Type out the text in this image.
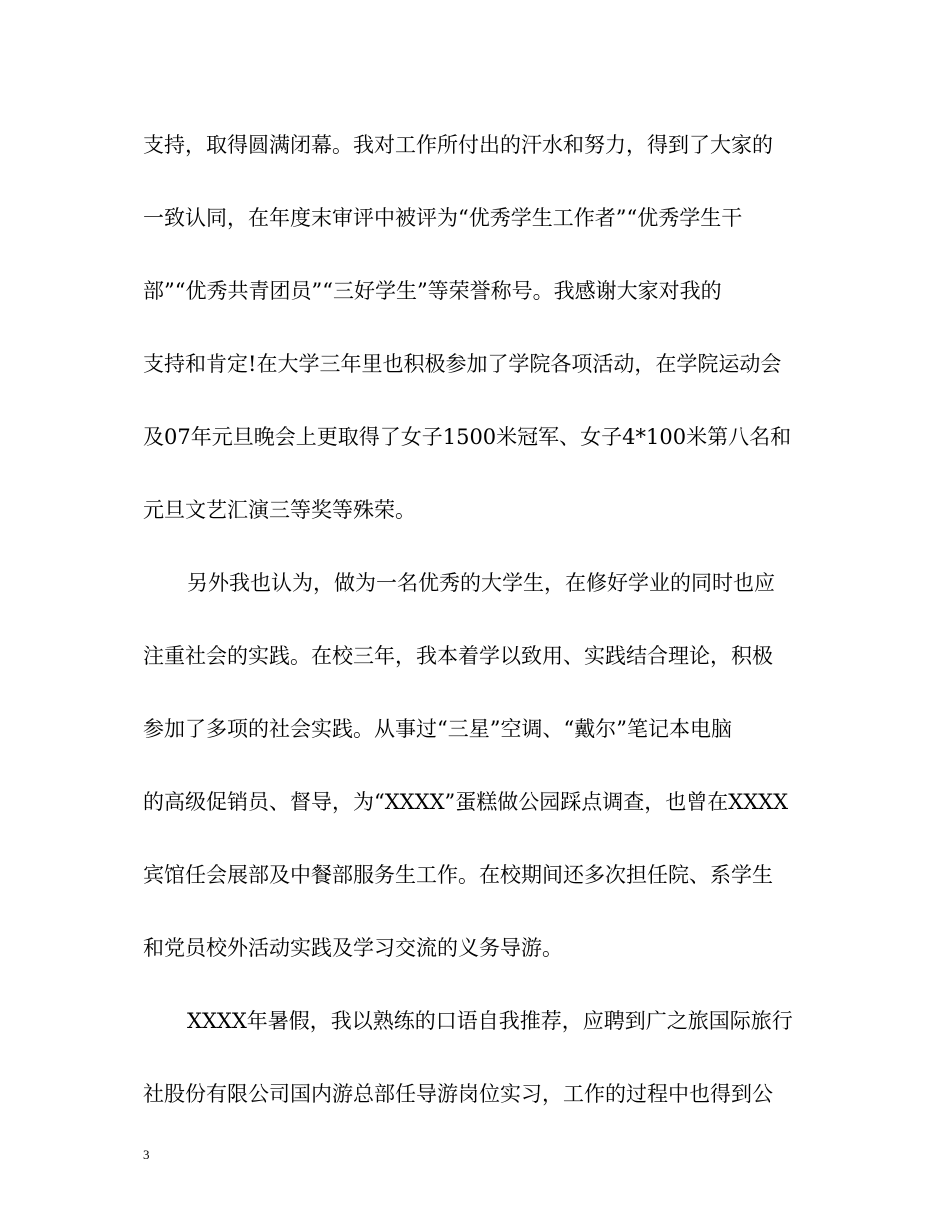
支持，取得圆满闭幕。我对工作所付出的汗水和努力，得到了大家的
一致认同，在年度末审评中被评为“优秀学生工作者”“优秀学生干
部”“优秀共青团员”“三好学生”等荣誉称号。我感谢大家对我的
支持和肯定!在大学三年里也积极参加了学院各项活动，在学院运动会
及07年元旦晚会上更取得了女子1500米冠军、女子4*100米第八名和
元旦文艺汇演三等奖等殊荣。
另外我也认为，做为一名优秀的大学生，在修好学业的同时也应
注重社会的实践。在校三年，我本着学以致用、实践结合理论，积极
参加了多项的社会实践。从事过“三星”空调、“戴尔”笔记本电脑
的高级促销员、督导，为“XXXX”蛋糕做公园踩点调查，也曾在XXXX
宾馆任会展部及中餐部服务生工作。在校期间还多次担任院、系学生
和党员校外活动实践及学习交流的义务导游。
XXXX年暑假，我以熟练的口语自我推荐，应聘到广之旅国际旅行
社股份有限公司国内游总部任导游岗位实习，工作的过程中也得到公
3
